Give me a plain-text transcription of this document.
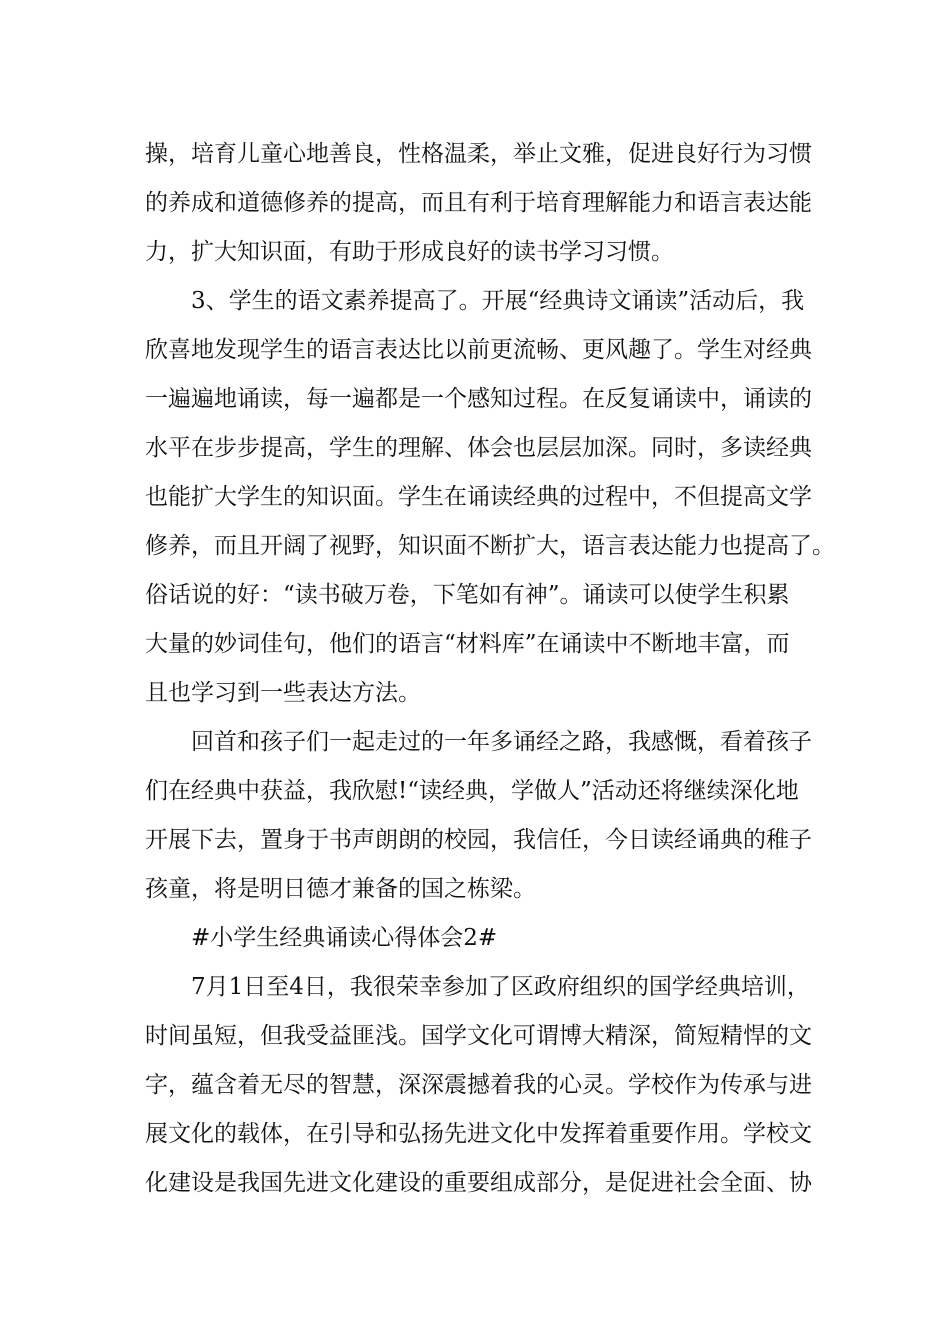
操，培育儿童心地善良，性格温柔，举止文雅，促进良好行为习惯
的养成和道德修养的提高，而且有利于培育理解能力和语言表达能
力，扩大知识面，有助于形成良好的读书学习习惯。
3、学生的语文素养提高了。开展“经典诗文诵读”活动后，我
欣喜地发现学生的语言表达比以前更流畅、更风趣了。学生对经典
一遍遍地诵读，每一遍都是一个感知过程。在反复诵读中，诵读的
水平在步步提高，学生的理解、体会也层层加深。同时，多读经典
也能扩大学生的知识面。学生在诵读经典的过程中，不但提高文学
修养，而且开阔了视野，知识面不断扩大，语言表达能力也提高了。
俗话说的好：“读书破万卷，下笔如有神”。诵读可以使学生积累
大量的妙词佳句，他们的语言“材料库”在诵读中不断地丰富，而
且也学习到一些表达方法。
回首和孩子们一起走过的一年多诵经之路，我感慨，看着孩子
们在经典中获益，我欣慰!“读经典，学做人”活动还将继续深化地
开展下去，置身于书声朗朗的校园，我信任，今日读经诵典的稚子
孩童，将是明日德才兼备的国之栋梁。
#小学生经典诵读心得体会2#
7月1日至4日，我很荣幸参加了区政府组织的国学经典培训，
时间虽短，但我受益匪浅。国学文化可谓博大精深，简短精悍的文
字，蕴含着无尽的智慧，深深震撼着我的心灵。学校作为传承与进
展文化的载体，在引导和弘扬先进文化中发挥着重要作用。学校文
化建设是我国先进文化建设的重要组成部分，是促进社会全面、协
